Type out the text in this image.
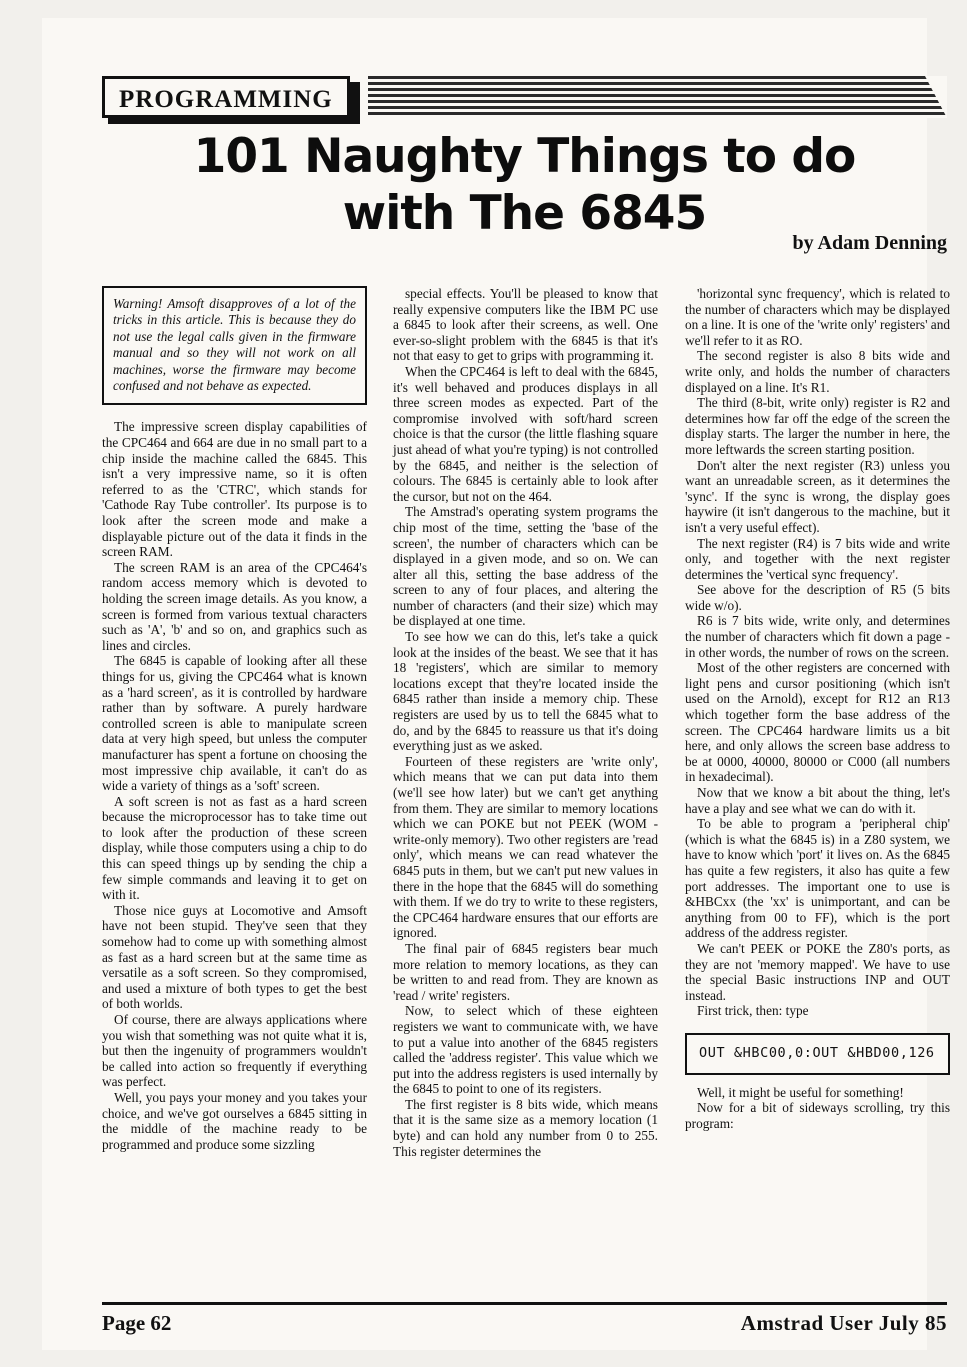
PROGRAMMING
101 Naughty Things to do
with The 6845
by Adam Denning

Warning! Amsoft disapproves of a lot of the tricks in this article. This is because they do not use the legal calls given in the firmware manual and so they will not work on all machines, worse the firmware may become confused and not behave as expected.

The impressive screen display capabilities of the CPC464 and 664 are due in no small part to a chip inside the machine called the 6845. This isn't a very impressive name, so it is often referred to as the 'CTRC', which stands for 'Cathode Ray Tube controller'. Its purpose is to look after the screen mode and make a displayable picture out of the data it finds in the screen RAM.

The screen RAM is an area of the CPC464's random access memory which is devoted to holding the screen image details. As you know, a screen is formed from various textual characters such as 'A', 'b' and so on, and graphics such as lines and circles.

The 6845 is capable of looking after all these things for us, giving the CPC464 what is known as a 'hard screen', as it is controlled by hardware rather than by software. A purely hardware controlled screen is able to manipulate screen data at very high speed, but unless the computer manufacturer has spent a fortune on choosing the most impressive chip available, it can't do as wide a variety of things as a 'soft' screen.

A soft screen is not as fast as a hard screen because the microprocessor has to take time out to look after the production of these screen display, while those computers using a chip to do this can speed things up by sending the chip a few simple commands and leaving it to get on with it.

Those nice guys at Locomotive and Amsoft have not been stupid. They've seen that they somehow had to come up with something almost as fast as a hard screen but at the same time as versatile as a soft screen. So they compromised, and used a mixture of both types to get the best of both worlds.

Of course, there are always applications where you wish that something was not quite what it is, but then the ingenuity of programmers wouldn't be called into action so frequently if everything was perfect.

Well, you pays your money and you takes your choice, and we've got ourselves a 6845 sitting in the middle of the machine ready to be programmed and produce some sizzling

special effects. You'll be pleased to know that really expensive computers like the IBM PC use a 6845 to look after their screens, as well. One ever-so-slight problem with the 6845 is that it's not that easy to get to grips with programming it.

When the CPC464 is left to deal with the 6845, it's well behaved and produces displays in all three screen modes as expected. Part of the compromise involved with soft/hard screen choice is that the cursor (the little flashing square just ahead of what you're typing) is not controlled by the 6845, and neither is the selection of colours. The 6845 is certainly able to look after the cursor, but not on the 464.

The Amstrad's operating system programs the chip most of the time, setting the 'base of the screen', the number of characters which can be displayed in a given mode, and so on. We can alter all this, setting the base address of the screen to any of four places, and altering the number of characters (and their size) which may be displayed at one time.

To see how we can do this, let's take a quick look at the insides of the beast. We see that it has 18 'registers', which are similar to memory locations except that they're located inside the 6845 rather than inside a memory chip. These registers are used by us to tell the 6845 what to do, and by the 6845 to reassure us that it's doing everything just as we asked.

Fourteen of these registers are 'write only', which means that we can put data into them (we'll see how later) but we can't get anything from them. They are similar to memory locations which we can POKE but not PEEK (WOM - write-only memory). Two other registers are 'read only', which means we can read whatever the 6845 puts in them, but we can't put new values in there in the hope that the 6845 will do something with them. If we do try to write to these registers, the CPC464 hardware ensures that our efforts are ignored.

The final pair of 6845 registers bear much more relation to memory locations, as they can be written to and read from. They are known as 'read / write' registers.

Now, to select which of these eighteen registers we want to communicate with, we have to put a value into another of the 6845 registers called the 'address register'. This value which we put into the address registers is used internally by the 6845 to point to one of its registers.

The first register is 8 bits wide, which means that it is the same size as a memory location (1 byte) and can hold any number from 0 to 255. This register determines the

'horizontal sync frequency', which is related to the number of characters which may be displayed on a line. It is one of the 'write only' registers' and we'll refer to it as RO.

The second register is also 8 bits wide and write only, and holds the number of characters displayed on a line. It's R1.

The third (8-bit, write only) register is R2 and determines how far off the edge of the screen the display starts. The larger the number in here, the more leftwards the screen starting position.

Don't alter the next register (R3) unless you want an unreadable screen, as it determines the 'sync'. If the sync is wrong, the display goes haywire (it isn't dangerous to the machine, but it isn't a very useful effect).

The next register (R4) is 7 bits wide and write only, and together with the next register determines the 'vertical sync frequency'.

See above for the description of R5 (5 bits wide w/o).

R6 is 7 bits wide, write only, and determines the number of characters which fit down a page - in other words, the number of rows on the screen.

Most of the other registers are concerned with light pens and cursor positioning (which isn't used on the Arnold), except for R12 an R13 which together form the base address of the screen. The CPC464 hardware limits us a bit here, and only allows the screen base address to be at 0000, 40000, 80000 or C000 (all numbers in hexadecimal).

Now that we know a bit about the thing, let's have a play and see what we can do with it.

To be able to program a 'peripheral chip' (which is what the 6845 is) in a Z80 system, we have to know which 'port' it lives on. As the 6845 has quite a few registers, it also has quite a few port addresses. The important one to use is &HBCxx (the 'xx' is unimportant, and can be anything from 00 to FF), which is the port address of the address register.

We can't PEEK or POKE the Z80's ports, as they are not 'memory mapped'. We have to use the special Basic instructions INP and OUT instead.

First trick, then: type

OUT &HBC00,0:OUT &HBD00,126

Well, it might be useful for something!

Now for a bit of sideways scrolling, try this program:

Page 62	Amstrad User July 85
